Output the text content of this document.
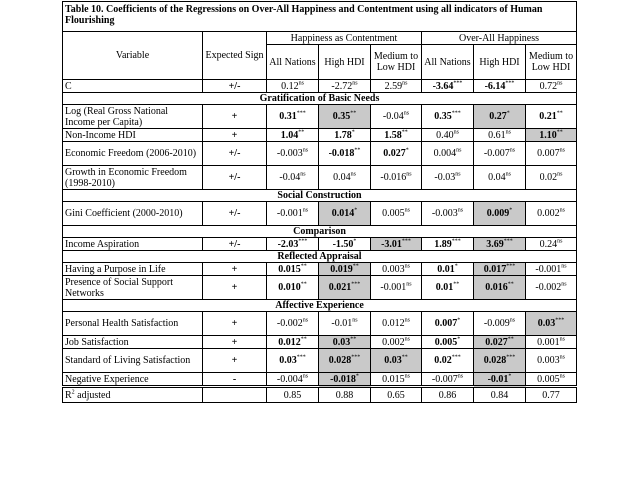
Table 10. Coefficients of the Regressions on Over-All Happiness and Contentment using all indicators of Human Flourishing							
Variable	Expected Sign	Happiness as Contentment			Over-All Happiness		
		All Nations	High HDI	Medium to Low HDI	All Nations	High HDI	Medium to Low HDI
C	+/-	$0.12^{ns}$	$-2.72^{ns}$	$2.59^{ns}$	-3.64***	-6.14***	$0.72^{ns}$
Gratification of Basic Needs							
Log (Real Gross National Income per Capita)	+	0.31***	0.35**	$-0.04^{ns}$	0.35***	0.27*	0.21**
Non-Income HDI	+	1.04**	1.78*	1.58**	$0.40^{ns}$	$0.61^{ns}$	1.10**
Economic Freedom (2006-2010)	+/-	$-0.003^{ns}$	-0.018**	0.027*	$0.004^{ns}$	$-0.007^{ns}$	$0.007^{ns}$
Growth in Economic Freedom (1998-2010)	+/-	$-0.04^{ns}$	$0.04^{ns}$	$-0.016^{ns}$	$-0.03^{ns}$	$0.04^{ns}$	$0.02^{ns}$
Social Construction							
Gini Coefficient (2000-2010)	+/-	$-0.001^{ns}$	0.014*	$0.005^{ns}$	$-0.003^{ns}$	0.009*	$0.002^{ns}$
Comparison							
Income Aspiration	+/-	-2.03***	-1.50*	-3.01***	1.89***	3.69***	$0.24^{ns}$
Reflected Appraisal							
Having a Purpose in Life	+	0.015**	0.019**	$0.003^{ns}$	0.01*	0.017***	$-0.001^{ns}$
Presence of Social Support Networks	+	0.010**	0.021***	$-0.001^{ns}$	0.01**	0.016**	$-0.002^{ns}$
Affective Experience							
Personal Health Satisfaction	+	$-0.002^{ns}$	$-0.01^{ns}$	$0.012^{ns}$	0.007*	$-0.009^{ns}$	0.03***
Job Satisfaction	+	0.012**	0.03**	$0.002^{ns}$	0.005*	0.027**	$0.001^{ns}$
Standard of Living Satisfaction	+	0.03***	0.028***	0.03**	0.02***	0.028***	$0.003^{ns}$
Negative Experience	-	$-0.004^{ns}$	-0.018*	$0.015^{ns}$	$-0.007^{ns}$	-0.01*	$0.005^{ns}$
$R^2$ adjusted		0.85	0.88	0.65	0.86	0.84	0.77
